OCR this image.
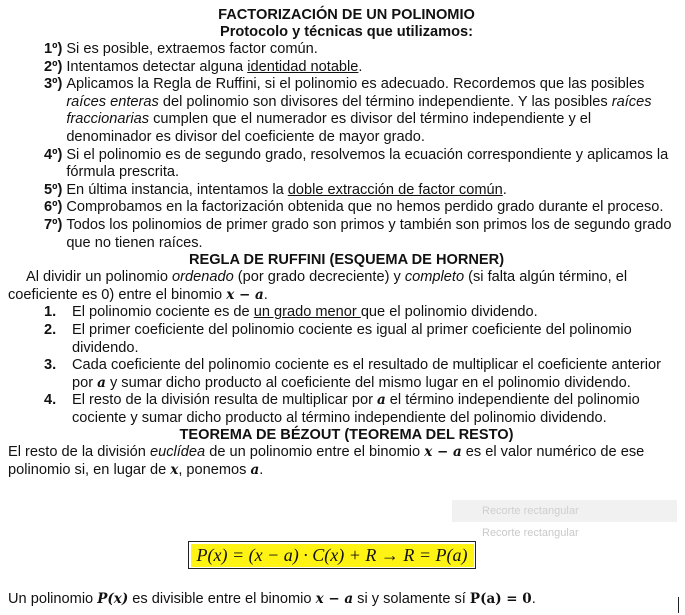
FACTORIZACIÓN DE UN POLINOMIO

Protocolo y técnicas que utilizamos:

1º) Si es posible, extraemos factor común.
2º) Intentamos detectar alguna identidad notable.
3º) Aplicamos la Regla de Ruffini, si el polinomio es adecuado. Recordemos que las posibles raíces enteras del polinomio son divisores del término independiente. Y las posibles raíces fraccionarias cumplen que el numerador es divisor del término independiente y el denominador es divisor del coeficiente de mayor grado.
4º) Si el polinomio es de segundo grado, resolvemos la ecuación correspondiente y aplicamos la fórmula prescrita.
5º) En última instancia, intentamos la doble extracción de factor común.
6º) Comprobamos en la factorización obtenida que no hemos perdido grado durante el proceso.
7º) Todos los polinomios de primer grado son primos y también son primos los de segundo grado que no tienen raíces.

REGLA DE RUFFINI (ESQUEMA DE HORNER)

Al dividir un polinomio ordenado (por grado decreciente) y completo (si falta algún término, el coeficiente es 0) entre el binomio x − a.

1.	El polinomio cociente es de un grado menor que el polinomio dividendo.
2.	El primer coeficiente del polinomio cociente es igual al primer coeficiente del polinomio dividendo.
3.	Cada coeficiente del polinomio cociente es el resultado de multiplicar el coeficiente anterior por a y sumar dicho producto al coeficiente del mismo lugar en el polinomio dividendo.
4.	El resto de la división resulta de multiplicar por a el término independiente del polinomio cociente y sumar dicho producto al término independiente del polinomio dividendo.

TEOREMA DE BÉZOUT (TEOREMA DEL RESTO)

El resto de la división euclídea de un polinomio entre el binomio x − a es el valor numérico de ese polinomio si, en lugar de x, ponemos a.

Recorte rectangular
Recorte rectangular
P(x) = (x − a) · C(x) + R → R = P(a)
Un polinomio P(x) es divisible entre el binomio x − a si y solamente sí P(a) = 0.
